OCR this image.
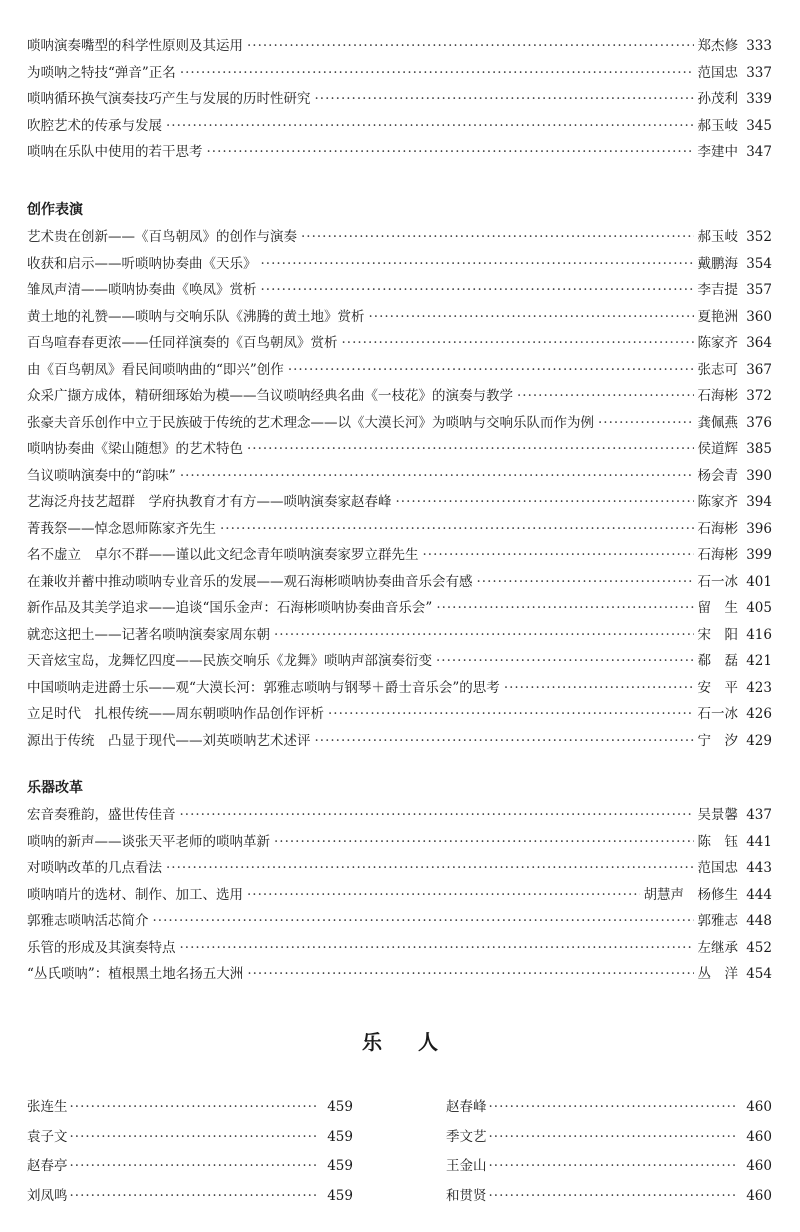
唢呐演奏嘴型的科学性原则及其运用 ·····	郑杰修 333
为唢呐之特技“弹音”正名 ·····	范国忠 337
唢呐循环换气演奏技巧产生与发展的历时性研究 ·····	孙茂利 339
吹腔艺术的传承与发展 ·····	郝玉岐 345
唢呐在乐队中使用的若干思考 ·····	李建中 347
创作表演
艺术贵在创新——《百鸟朝凤》的创作与演奏 ·····	郝玉岐 352
收获和启示——听唢呐协奏曲《天乐》 ·····	戴鹏海 354
雏凤声清——唢呐协奏曲《唤凤》赏析 ·····	李吉提 357
黄土地的礼赞——唢呐与交响乐队《沸腾的黄土地》赏析 ·····	夏艳洲 360
百鸟喧春春更浓——任同祥演奏的《百鸟朝凤》赏析 ·····	陈家齐 364
由《百鸟朝凤》看民间唢呐曲的“即兴”创作 ·····	张志可 367
众采广撷方成体，精研细琢始为模——刍议唢呐经典名曲《一枝花》的演奏与教学 ·····	石海彬 372
张豪夫音乐创作中立于民族破于传统的艺术理念——以《大漠长河》为唢呐与交响乐队而作为例 ·····	龚佩燕 376
唢呐协奏曲《梁山随想》的艺术特色 ·····	侯道辉 385
刍议唢呐演奏中的“韵味” ·····	杨会青 390
艺海泛舟技艺超群　学府执教育才有方——唢呐演奏家赵春峰 ·····	陈家齐 394
菁莪祭——悼念恩师陈家齐先生 ·····	石海彬 396
名不虚立　卓尔不群——谨以此文纪念青年唢呐演奏家罗立群先生 ·····	石海彬 399
在兼收并蓄中推动唢呐专业音乐的发展——观石海彬唢呐协奏曲音乐会有感 ·····	石一冰 401
新作品及其美学追求——追谈“国乐金声：石海彬唢呐协奏曲音乐会” ·····	留　生 405
就恋这把土——记著名唢呐演奏家周东朝 ·····	宋　阳 416
天音炫宝岛，龙舞忆四度——民族交响乐《龙舞》唢呐声部演奏衍变 ·····	郗　磊 421
中国唢呐走进爵士乐——观“大漠长河：郭雅志唢呐与钢琴＋爵士音乐会”的思考 ·····	安　平 423
立足时代　扎根传统——周东朝唢呐作品创作评析 ·····	石一冰 426
源出于传统　凸显于现代——刘英唢呐艺术述评 ·····	宁　汐 429
乐器改革
宏音奏雅韵，盛世传佳音 ·····	吴景馨 437
唢呐的新声——谈张天平老师的唢呐革新 ·····	陈　钰 441
对唢呐改革的几点看法 ·····	范国忠 443
唢呐哨片的选材、制作、加工、选用 ·····	胡慧声　杨修生 444
郭雅志唢呐活芯简介 ·····	郭雅志 448
乐管的形成及其演奏特点 ·····	左继承 452
“丛氏唢呐”：植根黑土地名扬五大洲 ·····	丛　洋 454
乐人
张连生 ·····	459
袁子文 ·····	459
赵春亭 ·····	459
刘凤鸣 ·····	459
赵春峰 ·····	460
季文艺 ·····	460
王金山 ·····	460
和贯贤 ·····	460
